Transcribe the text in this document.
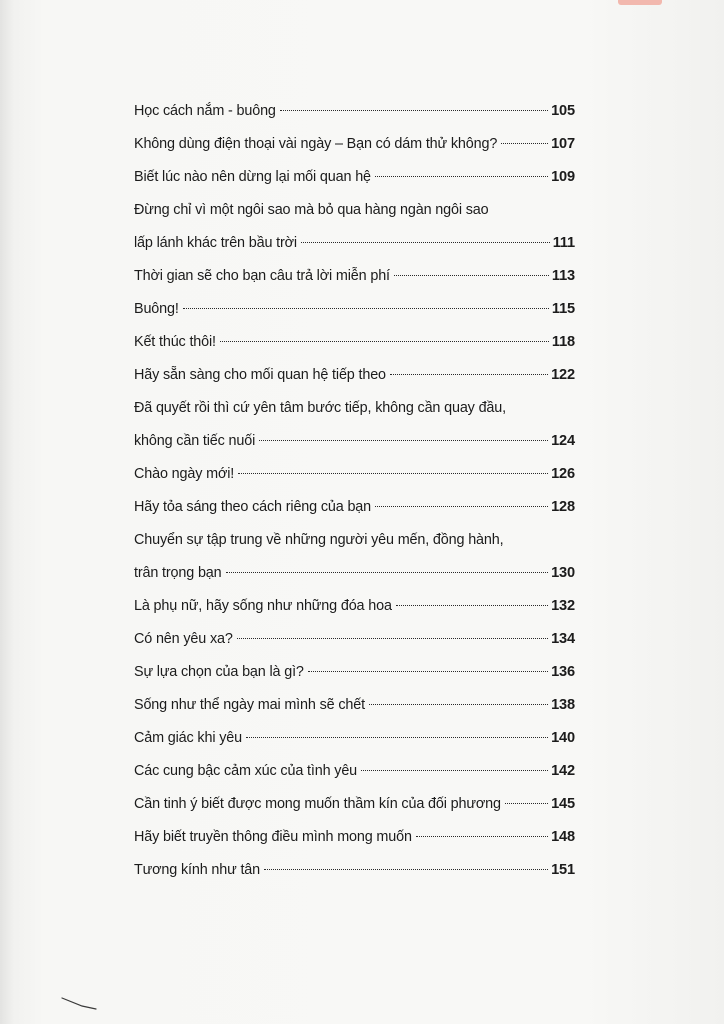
Học cách nắm - buông	105
Không dùng điện thoại vài ngày – Bạn có dám thử không?	107
Biết lúc nào nên dừng lại mối quan hệ	109
Đừng chỉ vì một ngôi sao mà bỏ qua hàng ngàn ngôi sao
lấp lánh khác trên bầu trời	111
Thời gian sẽ cho bạn câu trả lời miễn phí	113
Buông!	115
Kết thúc thôi!	118
Hãy sẵn sàng cho mối quan hệ tiếp theo	122
Đã quyết rồi thì cứ yên tâm bước tiếp, không cần quay đầu,
không cần tiếc nuối	124
Chào ngày mới!	126
Hãy tỏa sáng theo cách riêng của bạn	128
Chuyển sự tập trung về những người yêu mến, đồng hành,
trân trọng bạn	130
Là phụ nữ, hãy sống như những đóa hoa	132
Có nên yêu xa?	134
Sự lựa chọn của bạn là gì?	136
Sống như thể ngày mai mình sẽ chết	138
Cảm giác khi yêu	140
Các cung bậc cảm xúc của tình yêu	142
Cần tinh ý biết được mong muốn thầm kín của đối phương	145
Hãy biết truyền thông điều mình mong muốn	148
Tương kính như tân	151
